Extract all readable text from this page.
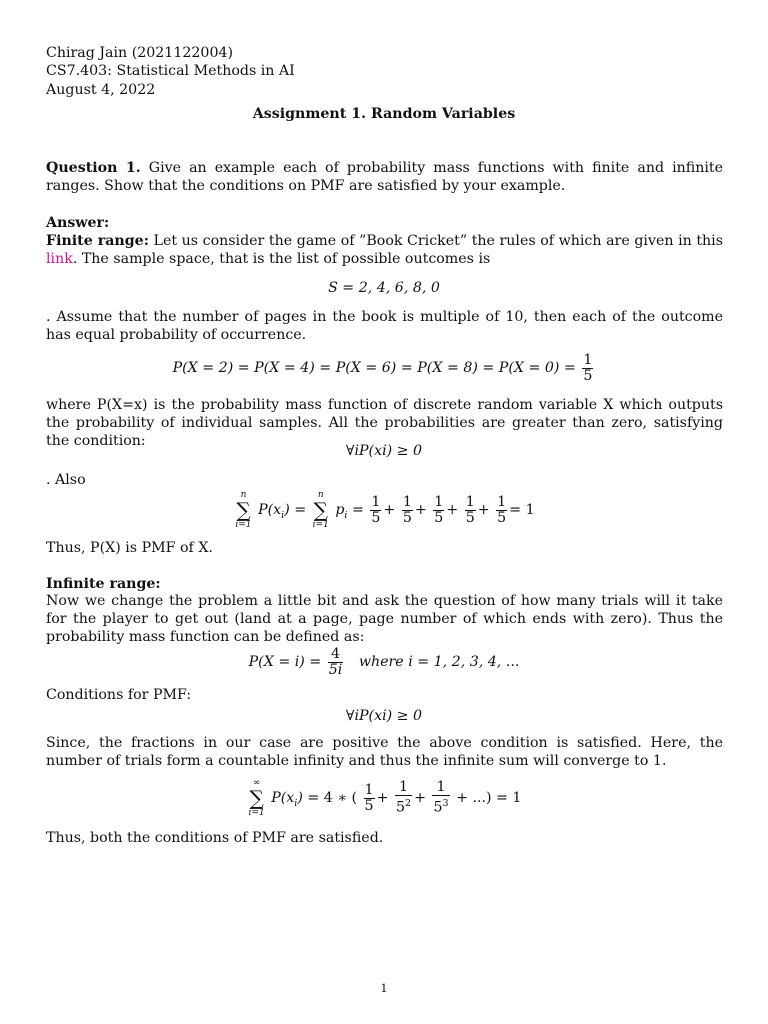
Chirag Jain (2021122004)
CS7.403: Statistical Methods in AI
August 4, 2022
Assignment 1. Random Variables
Question 1. Give an example each of probability mass functions with finite and infinite ranges. Show that the conditions on PMF are satisfied by your example.
Answer:
Finite range: Let us consider the game of ”Book Cricket” the rules of which are given in this link. The sample space, that is the list of possible outcomes is
S = 2, 4, 6, 8, 0
. Assume that the number of pages in the book is multiple of 10, then each of the outcome has equal probability of occurrence.
$P(X = 2) = P(X = 4) = P(X = 6) = P(X = 8) = P(X = 0) = \frac{1}{5}$
where P(X=x) is the probability mass function of discrete random variable X which outputs the probability of individual samples. All the probabilities are greater than zero, satisfying the condition:
∀iP(xi) ≥ 0
. Also
n
∑
i=1
$P(x_i)$ =
n
∑
i=1
$p_i = \frac{1}{5} + \frac{1}{5} + \frac{1}{5} + \frac{1}{5} + \frac{1}{5} = 1$
Thus, P(X) is PMF of X.
Infinite range:
Now we change the problem a little bit and ask the question of how many trials will it take for the player to get out (land at a page, page number of which ends with zero). Thus the probability mass function can be defined as:
$P(X = i) = \frac{4}{5i}$ where i = 1, 2, 3, 4, ...
Conditions for PMF:
∀iP(xi) ≥ 0
Since, the fractions in our case are positive the above condition is satisfied. Here, the number of trials form a countable infinity and thus the infinite sum will converge to 1.
∞
∑
i=1
$P(x_i) = 4$ ∗ ( $\frac{1}{5} + \frac{1}{5^2} + \frac{1}{5^3}$ + ...) = 1
Thus, both the conditions of PMF are satisfied.
1
